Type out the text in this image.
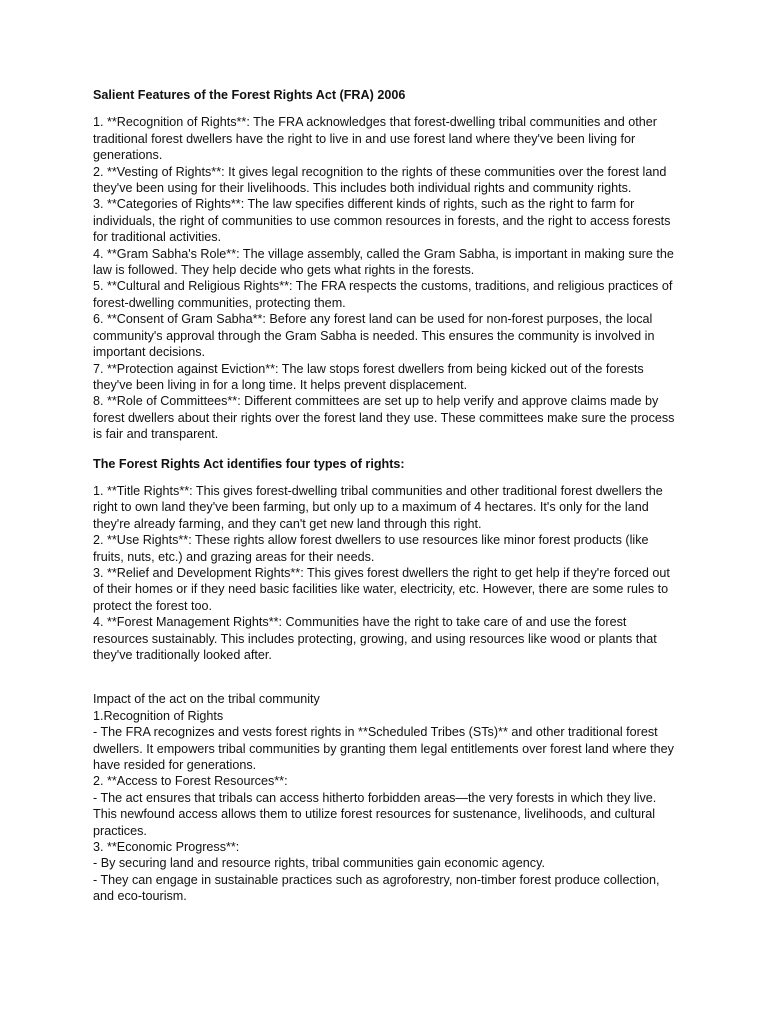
Salient Features of the Forest Rights Act (FRA) 2006

1. **Recognition of Rights**: The FRA acknowledges that forest-dwelling tribal communities and other traditional forest dwellers have the right to live in and use forest land where they've been living for generations.

2. **Vesting of Rights**: It gives legal recognition to the rights of these communities over the forest land they've been using for their livelihoods. This includes both individual rights and community rights.

3. **Categories of Rights**: The law specifies different kinds of rights, such as the right to farm for individuals, the right of communities to use common resources in forests, and the right to access forests for traditional activities.

4. **Gram Sabha's Role**: The village assembly, called the Gram Sabha, is important in making sure the law is followed. They help decide who gets what rights in the forests.

5. **Cultural and Religious Rights**: The FRA respects the customs, traditions, and religious practices of forest-dwelling communities, protecting them.

6. **Consent of Gram Sabha**: Before any forest land can be used for non-forest purposes, the local community's approval through the Gram Sabha is needed. This ensures the community is involved in important decisions.

7. **Protection against Eviction**: The law stops forest dwellers from being kicked out of the forests they've been living in for a long time. It helps prevent displacement.

8. **Role of Committees**: Different committees are set up to help verify and approve claims made by forest dwellers about their rights over the forest land they use. These committees make sure the process is fair and transparent.

The Forest Rights Act identifies four types of rights:

1. **Title Rights**: This gives forest-dwelling tribal communities and other traditional forest dwellers the right to own land they've been farming, but only up to a maximum of 4 hectares. It's only for the land they're already farming, and they can't get new land through this right.

2. **Use Rights**: These rights allow forest dwellers to use resources like minor forest products (like fruits, nuts, etc.) and grazing areas for their needs.

3. **Relief and Development Rights**: This gives forest dwellers the right to get help if they're forced out of their homes or if they need basic facilities like water, electricity, etc. However, there are some rules to protect the forest too.

4. **Forest Management Rights**: Communities have the right to take care of and use the forest resources sustainably. This includes protecting, growing, and using resources like wood or plants that they've traditionally looked after.

Impact of the act on the tribal community

1.Recognition of Rights

- The FRA recognizes and vests forest rights in **Scheduled Tribes (STs)** and other traditional forest dwellers. It empowers tribal communities by granting them legal entitlements over forest land where they have resided for generations.

2. **Access to Forest Resources**:

- The act ensures that tribals can access hitherto forbidden areas—the very forests in which they live. This newfound access allows them to utilize forest resources for sustenance, livelihoods, and cultural practices.

3. **Economic Progress**:

- By securing land and resource rights, tribal communities gain economic agency.

- They can engage in sustainable practices such as agroforestry, non-timber forest produce collection, and eco-tourism.
